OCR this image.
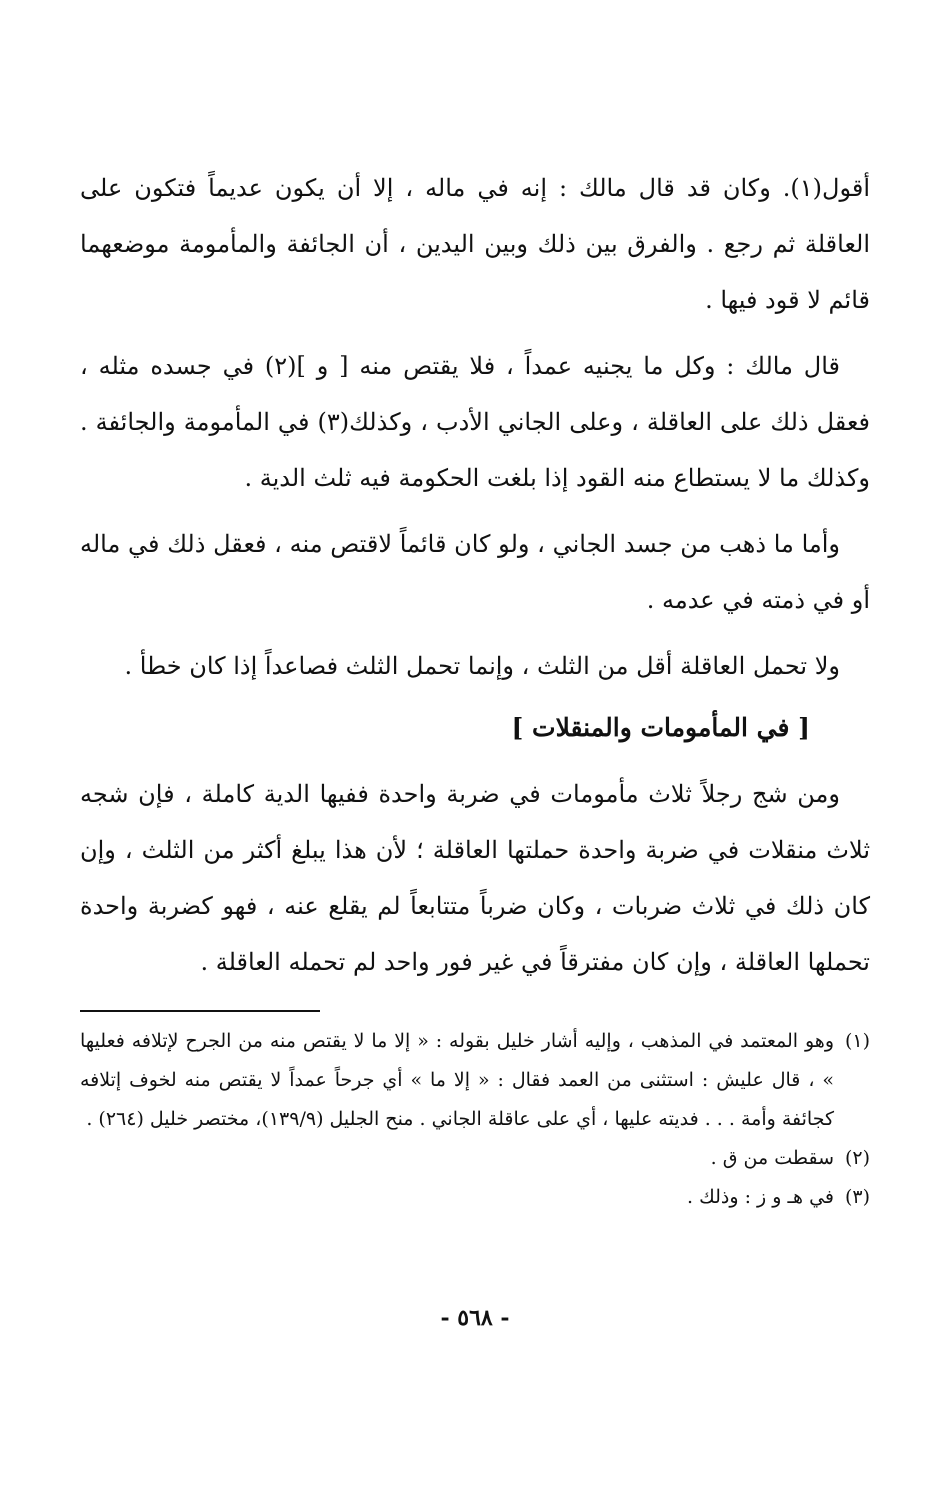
أقول(١). وكان قد قال مالك : إنه في ماله ، إلا أن يكون عديماً فتكون على العاقلة ثم رجع . والفرق بين ذلك وبين اليدين ، أن الجائفة والمأمومة موضعهما قائم لا قود فيها .

قال مالك : وكل ما يجنيه عمداً ، فلا يقتص منه [ و ](٢) في جسده مثله ، فعقل ذلك على العاقلة ، وعلى الجاني الأدب ، وكذلك(٣) في المأمومة والجائفة . وكذلك ما لا يستطاع منه القود إذا بلغت الحكومة فيه ثلث الدية .

وأما ما ذهب من جسد الجاني ، ولو كان قائماً لاقتص منه ، فعقل ذلك في ماله أو في ذمته في عدمه .

ولا تحمل العاقلة أقل من الثلث ، وإنما تحمل الثلث فصاعداً إذا كان خطأ .

[ في المأمومات والمنقلات ]

ومن شج رجلاً ثلاث مأمومات في ضربة واحدة ففيها الدية كاملة ، فإن شجه ثلاث منقلات في ضربة واحدة حملتها العاقلة ؛ لأن هذا يبلغ أكثر من الثلث ، وإن كان ذلك في ثلاث ضربات ، وكان ضرباً متتابعاً لم يقلع عنه ، فهو كضربة واحدة تحملها العاقلة ، وإن كان مفترقاً في غير فور واحد لم تحمله العاقلة .

(١)وهو المعتمد في المذهب ، وإليه أشار خليل بقوله : « إلا ما لا يقتص منه من الجرح لإتلافه فعليها » ، قال عليش : استثنى من العمد فقال : « إلا ما » أي جرحاً عمداً لا يقتص منه لخوف إتلافه كجائفة وأمة . . . فديته عليها ، أي على عاقلة الجاني . منح الجليل (١٣٩/٩)، مختصر خليل (٢٦٤) .

(٢)سقطت من ق .

(٣)في هـ و ز : وذلك .

- ٥٦٨ -
